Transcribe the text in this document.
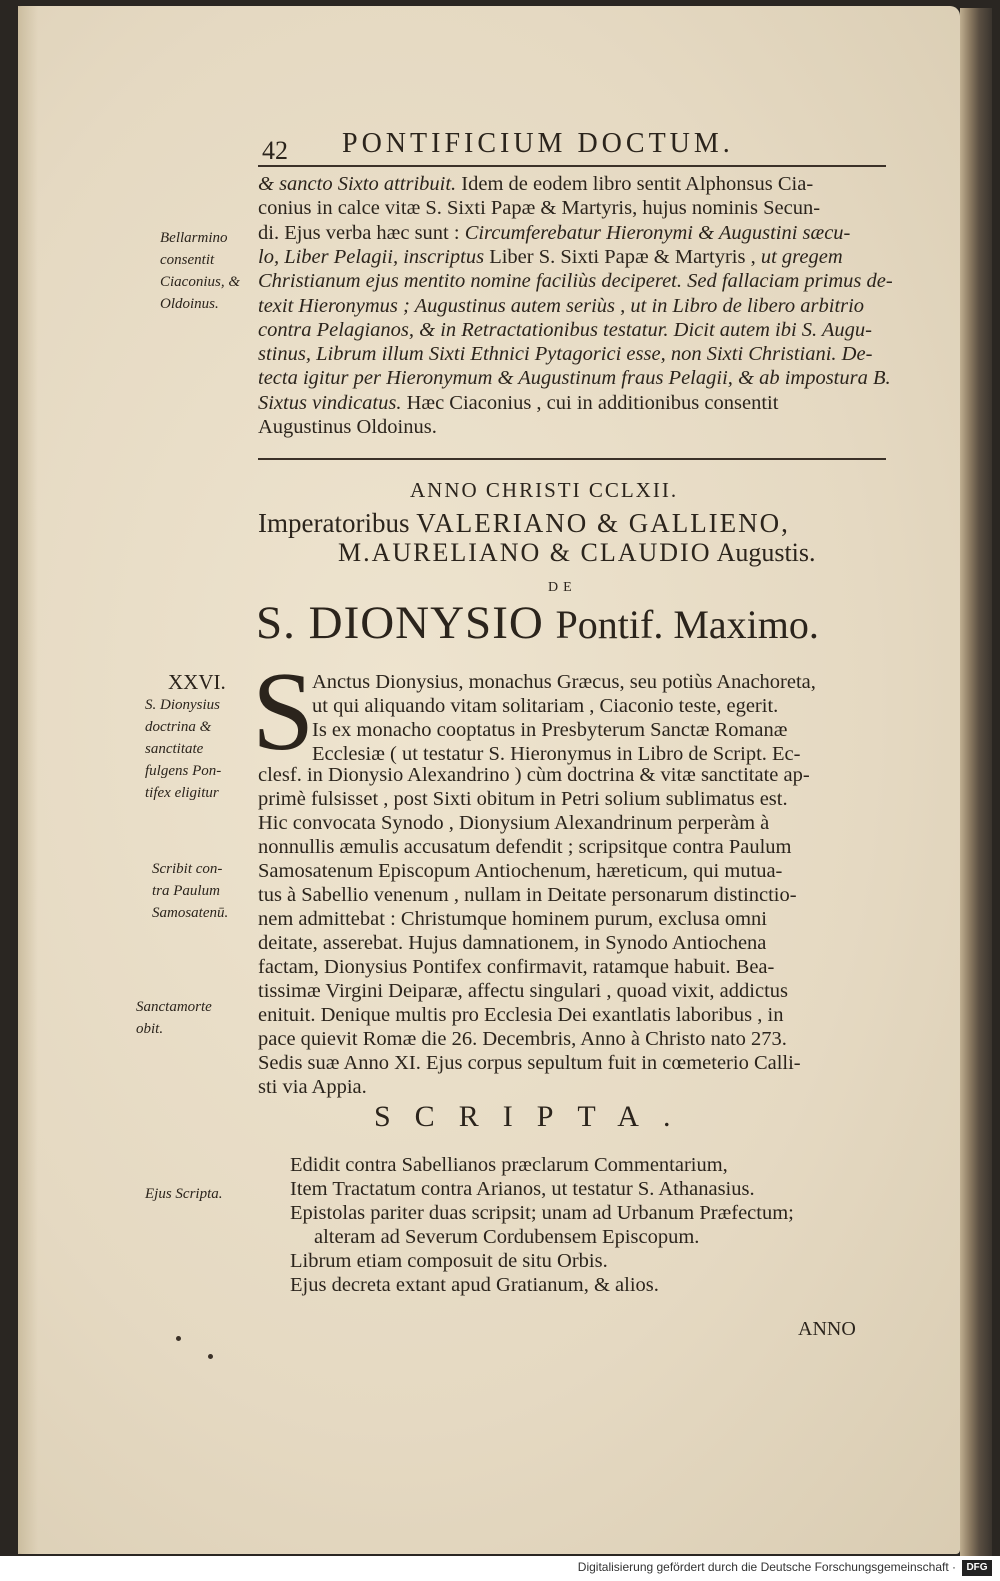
42 PONTIFICIUM DOCTUM.
& sancto Sixto attribuit. Idem de eodem libro sentit Alphonsus Cia-
conius in calce vitæ S. Sixti Papæ & Martyris, hujus nominis Secun-
di. Ejus verba hæc sunt : Circumferebatur Hieronymi & Augustini sæcu-
lo, Liber Pelagii, inscriptus Liber S. Sixti Papæ & Martyris , ut gregem
Christianum ejus mentito nomine faciliùs deciperet. Sed fallaciam primus de-
texit Hieronymus ; Augustinus autem seriùs , ut in Libro de libero arbitrio
contra Pelagianos, & in Retractationibus testatur. Dicit autem ibi S. Augu-
stinus, Librum illum Sixti Ethnici Pytagorici esse, non Sixti Christiani. De-
tecta igitur per Hieronymum & Augustinum fraus Pelagii, & ab impostura B.
Sixtus vindicatus. Hæc Ciaconius , cui in additionibus consentit
Augustinus Oldoinus.
Bellarmino
consentit
Ciaconius, &
Oldoinus.
ANNO CHRISTI CCLXII.
Imperatoribus VALERIANO & GALLIENO,
M.AURELIANO & CLAUDIO Augustis.
DE
S. DIONYSIO Pontif. Maximo.
XXVI. S
Anctus Dionysius, monachus Græcus, seu potiùs Anachoreta,
ut qui aliquando vitam solitariam , Ciaconio teste, egerit.
Is ex monacho cooptatus in Presbyterum Sanctæ Romanæ
Ecclesiæ ( ut testatur S. Hieronymus in Libro de Script. Ec-
clesf. in Dionysio Alexandrino ) cùm doctrina & vitæ sanctitate ap-
primè fulsisset , post Sixti obitum in Petri solium sublimatus est.
Hic convocata Synodo , Dionysium Alexandrinum perperàm à
nonnullis æmulis accusatum defendit ; scripsitque contra Paulum
Samosatenum Episcopum Antiochenum, hæreticum, qui mutua-
tus à Sabellio venenum , nullam in Deitate personarum distinctio-
nem admittebat : Christumque hominem purum, exclusa omni
deitate, asserebat. Hujus damnationem, in Synodo Antiochena
factam, Dionysius Pontifex confirmavit, ratamque habuit. Bea-
tissimæ Virgini Deiparæ, affectu singulari , quoad vixit, addictus
enituit. Denique multis pro Ecclesia Dei exantlatis laboribus , in
pace quievit Romæ die 26. Decembris, Anno à Christo nato 273.
Sedis suæ Anno XI. Ejus corpus sepultum fuit in cœmeterio Calli-
sti via Appia.
S. Dionysius
doctrina &
sanctitate
fulgens Pon-
tifex eligitur
Scribit con-
tra Paulum
Samosatenū.
Sanctamorte
obit.
SCRIPTA.
Ejus Scripta.
Edidit contra Sabellianos præclarum Commentarium,
Item Tractatum contra Arianos, ut testatur S. Athanasius.
Epistolas pariter duas scripsit; unam ad Urbanum Præfectum;
alteram ad Severum Cordubensem Episcopum.
Librum etiam composuit de situ Orbis.
Ejus decreta extant apud Gratianum, & alios.
ANNO
Digitalisierung gefördert durch die Deutsche Forschungsgemeinschaft ·	DFG
